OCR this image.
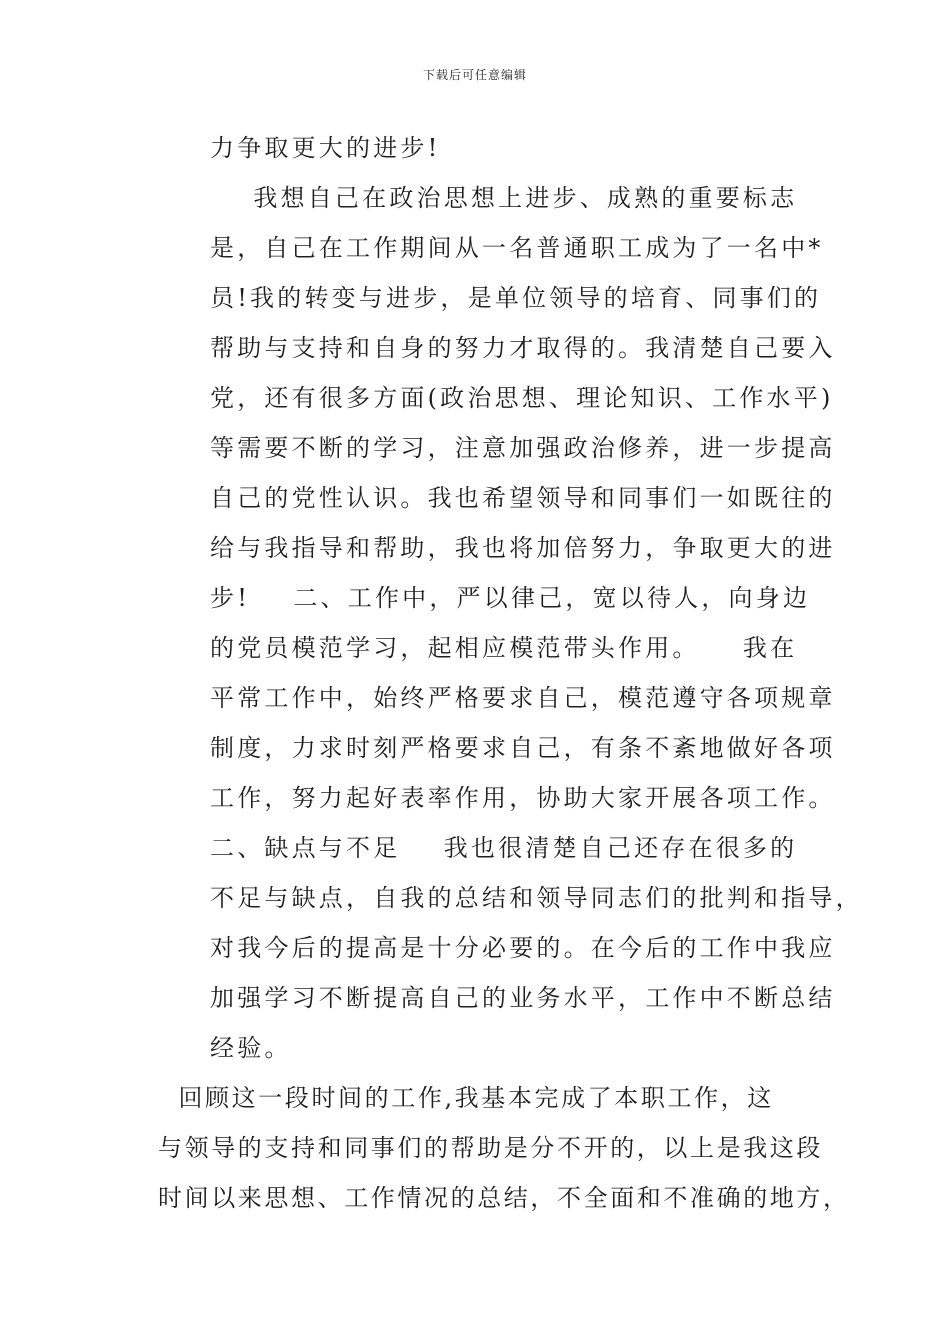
下载后可任意编辑
力争取更大的进步!
我想自己在政治思想上进步、成熟的重要标志
是，自己在工作期间从一名普通职工成为了一名中*
员!我的转变与进步，是单位领导的培育、同事们的
帮助与支持和自身的努力才取得的。我清楚自己要入
党，还有很多方面(政治思想、理论知识、工作水平)
等需要不断的学习，注意加强政治修养，进一步提高
自己的党性认识。我也希望领导和同事们一如既往的
给与我指导和帮助，我也将加倍努力，争取更大的进
步!    二、工作中，严以律己，宽以待人，向身边
的党员模范学习，起相应模范带头作用。    我在
平常工作中，始终严格要求自己，模范遵守各项规章
制度，力求时刻严格要求自己，有条不紊地做好各项
工作，努力起好表率作用，协助大家开展各项工作。
二、缺点与不足    我也很清楚自己还存在很多的
不足与缺点，自我的总结和领导同志们的批判和指导，
对我今后的提高是十分必要的。在今后的工作中我应
加强学习不断提高自己的业务水平，工作中不断总结
经验。
回顾这一段时间的工作,我基本完成了本职工作，这
与领导的支持和同事们的帮助是分不开的，以上是我这段
时间以来思想、工作情况的总结，不全面和不准确的地方，
